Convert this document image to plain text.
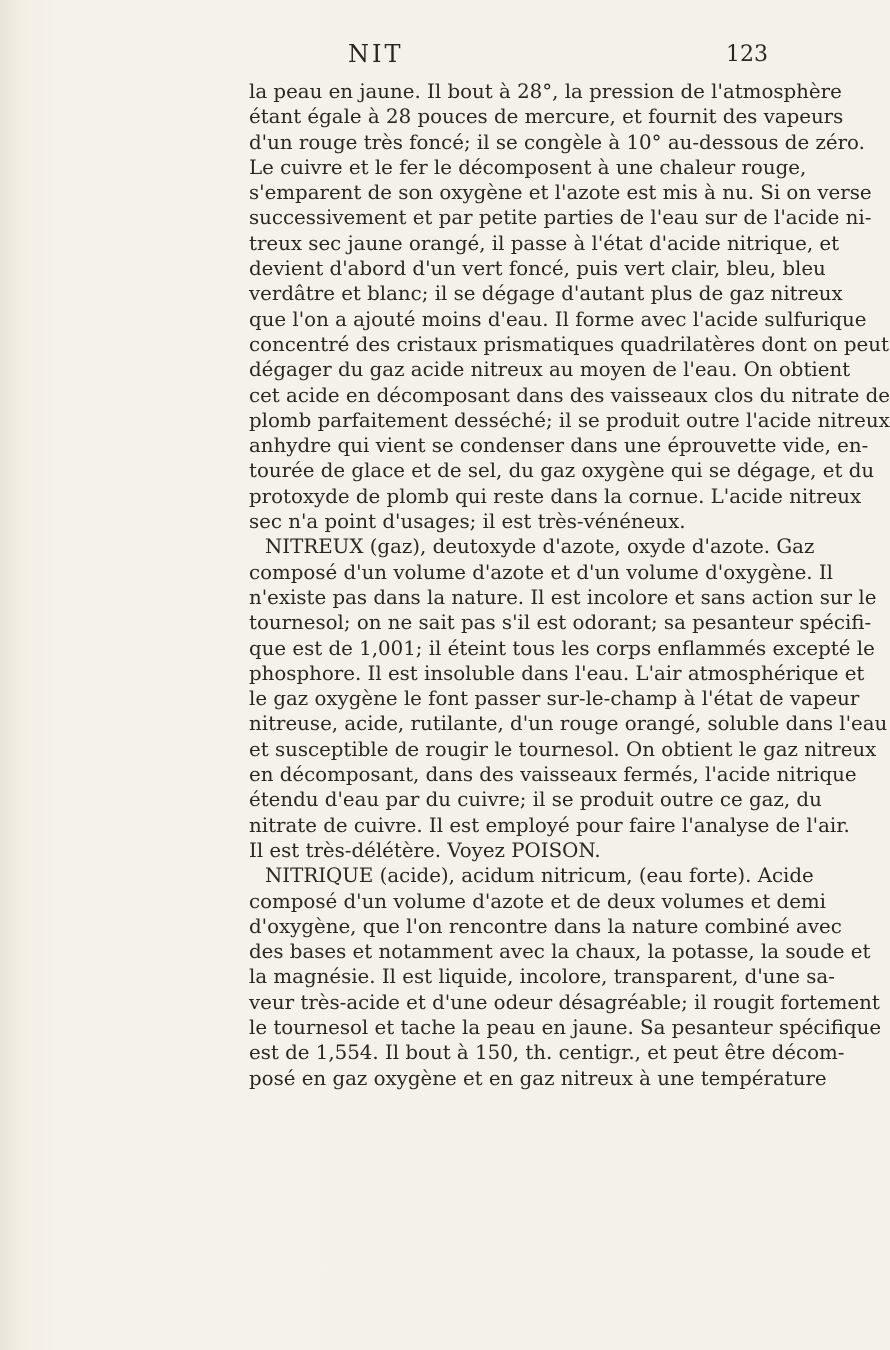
NIT	123
la peau en jaune. Il bout à 28°, la pression de l'atmosphère
étant égale à 28 pouces de mercure, et fournit des vapeurs
d'un rouge très foncé; il se congèle à 10° au-dessous de zéro.
Le cuivre et le fer le décomposent à une chaleur rouge,
s'emparent de son oxygène et l'azote est mis à nu. Si on verse
successivement et par petite parties de l'eau sur de l'acide ni-
treux sec jaune orangé, il passe à l'état d'acide nitrique, et
devient d'abord d'un vert foncé, puis vert clair, bleu, bleu
verdâtre et blanc; il se dégage d'autant plus de gaz nitreux
que l'on a ajouté moins d'eau. Il forme avec l'acide sulfurique
concentré des cristaux prismatiques quadrilatères dont on peut
dégager du gaz acide nitreux au moyen de l'eau. On obtient
cet acide en décomposant dans des vaisseaux clos du nitrate de
plomb parfaitement desséché; il se produit outre l'acide nitreux
anhydre qui vient se condenser dans une éprouvette vide, en-
tourée de glace et de sel, du gaz oxygène qui se dégage, et du
protoxyde de plomb qui reste dans la cornue. L'acide nitreux
sec n'a point d'usages; il est très-vénéneux.
NITREUX (gaz), deutoxyde d'azote, oxyde d'azote. Gaz
composé d'un volume d'azote et d'un volume d'oxygène. Il
n'existe pas dans la nature. Il est incolore et sans action sur le
tournesol; on ne sait pas s'il est odorant; sa pesanteur spécifi-
que est de 1,001; il éteint tous les corps enflammés excepté le
phosphore. Il est insoluble dans l'eau. L'air atmosphérique et
le gaz oxygène le font passer sur-le-champ à l'état de vapeur
nitreuse, acide, rutilante, d'un rouge orangé, soluble dans l'eau
et susceptible de rougir le tournesol. On obtient le gaz nitreux
en décomposant, dans des vaisseaux fermés, l'acide nitrique
étendu d'eau par du cuivre; il se produit outre ce gaz, du
nitrate de cuivre. Il est employé pour faire l'analyse de l'air.
Il est très-délétère. Voyez POISON.
NITRIQUE (acide), acidum nitricum, (eau forte). Acide
composé d'un volume d'azote et de deux volumes et demi
d'oxygène, que l'on rencontre dans la nature combiné avec
des bases et notamment avec la chaux, la potasse, la soude et
la magnésie. Il est liquide, incolore, transparent, d'une sa-
veur très-acide et d'une odeur désagréable; il rougit fortement
le tournesol et tache la peau en jaune. Sa pesanteur spécifique
est de 1,554. Il bout à 150, th. centigr., et peut être décom-
posé en gaz oxygène et en gaz nitreux à une température
